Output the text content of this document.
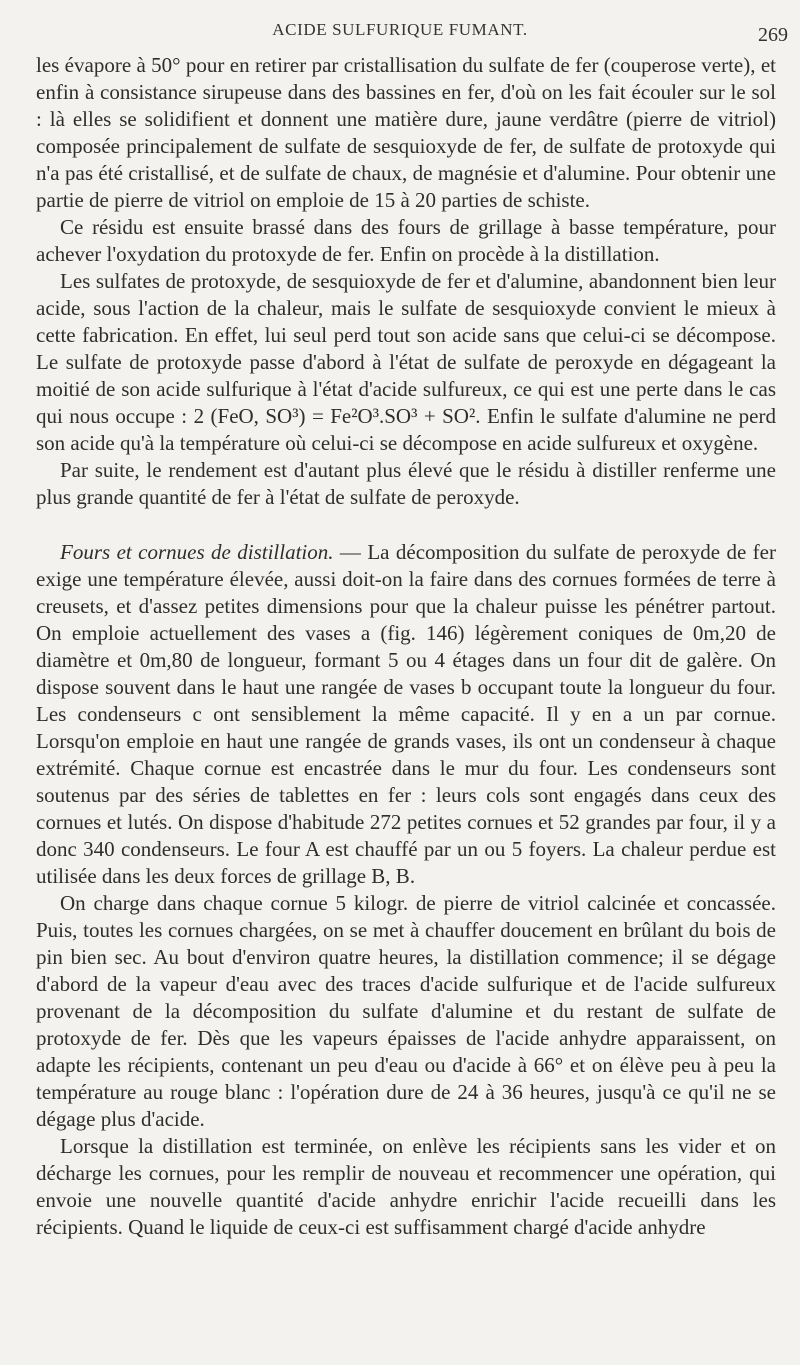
ACIDE SULFURIQUE FUMANT.	269

les évapore à 50° pour en retirer par cristallisation du sulfate de fer (couperose verte), et enfin à consistance sirupeuse dans des bassines en fer, d'où on les fait écouler sur le sol : là elles se solidifient et donnent une matière dure, jaune verdâtre (pierre de vitriol) composée principalement de sulfate de sesquioxyde de fer, de sulfate de protoxyde qui n'a pas été cristallisé, et de sulfate de chaux, de magnésie et d'alumine. Pour obtenir une partie de pierre de vitriol on emploie de 15 à 20 parties de schiste.

Ce résidu est ensuite brassé dans des fours de grillage à basse température, pour achever l'oxydation du protoxyde de fer. Enfin on procède à la distillation.

Les sulfates de protoxyde, de sesquioxyde de fer et d'alumine, abandonnent bien leur acide, sous l'action de la chaleur, mais le sulfate de sesquioxyde convient le mieux à cette fabrication. En effet, lui seul perd tout son acide sans que celui-ci se décompose. Le sulfate de protoxyde passe d'abord à l'état de sulfate de peroxyde en dégageant la moitié de son acide sulfurique à l'état d'acide sulfureux, ce qui est une perte dans le cas qui nous occupe : 2 (FeO, SO³) = Fe²O³.SO³ + SO². Enfin le sulfate d'alumine ne perd son acide qu'à la température où celui-ci se décompose en acide sulfureux et oxygène.

Par suite, le rendement est d'autant plus élevé que le résidu à distiller renferme une plus grande quantité de fer à l'état de sulfate de peroxyde.

Fours et cornues de distillation. — La décomposition du sulfate de peroxyde de fer exige une température élevée, aussi doit-on la faire dans des cornues formées de terre à creusets, et d'assez petites dimensions pour que la chaleur puisse les pénétrer partout. On emploie actuellement des vases a (fig. 146) légèrement coniques de 0m,20 de diamètre et 0m,80 de longueur, formant 5 ou 4 étages dans un four dit de galère. On dispose souvent dans le haut une rangée de vases b occupant toute la longueur du four. Les condenseurs c ont sensiblement la même capacité. Il y en a un par cornue. Lorsqu'on emploie en haut une rangée de grands vases, ils ont un condenseur à chaque extrémité. Chaque cornue est encastrée dans le mur du four. Les condenseurs sont soutenus par des séries de tablettes en fer : leurs cols sont engagés dans ceux des cornues et lutés. On dispose d'habitude 272 petites cornues et 52 grandes par four, il y a donc 340 condenseurs. Le four A est chauffé par un ou 5 foyers. La chaleur perdue est utilisée dans les deux forces de grillage B, B.

On charge dans chaque cornue 5 kilogr. de pierre de vitriol calcinée et concassée. Puis, toutes les cornues chargées, on se met à chauffer doucement en brûlant du bois de pin bien sec. Au bout d'environ quatre heures, la distillation commence; il se dégage d'abord de la vapeur d'eau avec des traces d'acide sulfurique et de l'acide sulfureux provenant de la décomposition du sulfate d'alumine et du restant de sulfate de protoxyde de fer. Dès que les vapeurs épaisses de l'acide anhydre apparaissent, on adapte les récipients, contenant un peu d'eau ou d'acide à 66° et on élève peu à peu la température au rouge blanc : l'opération dure de 24 à 36 heures, jusqu'à ce qu'il ne se dégage plus d'acide.

Lorsque la distillation est terminée, on enlève les récipients sans les vider et on décharge les cornues, pour les remplir de nouveau et recommencer une opération, qui envoie une nouvelle quantité d'acide anhydre enrichir l'acide recueilli dans les récipients. Quand le liquide de ceux-ci est suffisamment chargé d'acide anhydre
